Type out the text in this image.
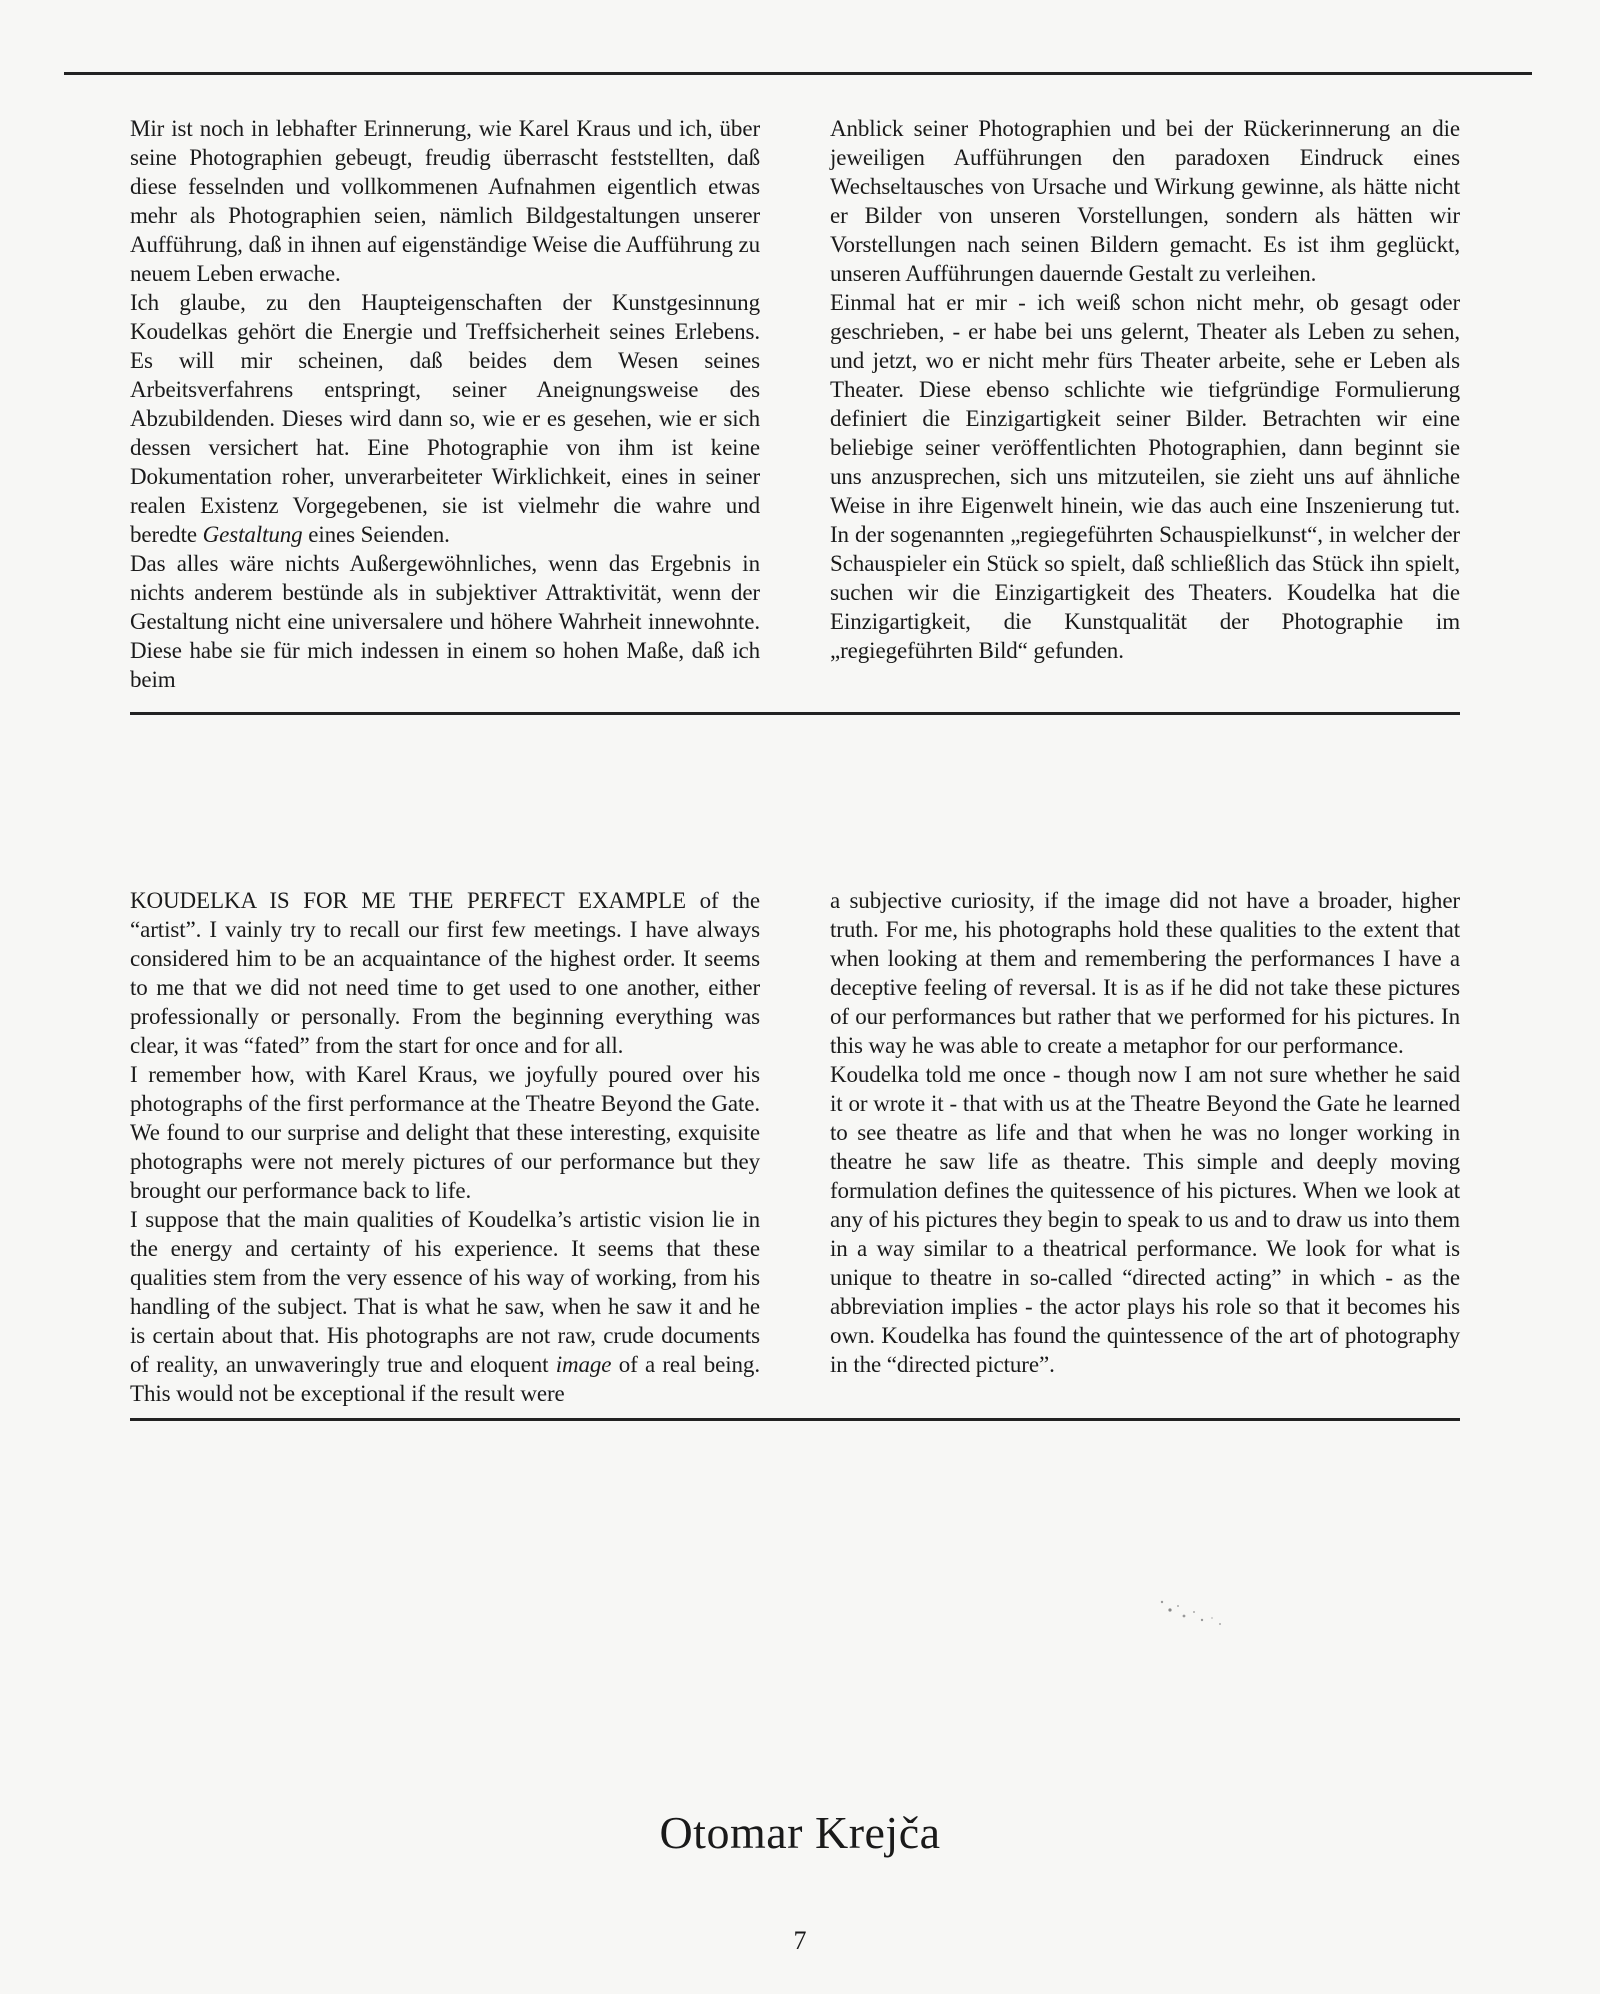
Mir ist noch in lebhafter Erinnerung, wie Karel Kraus und ich, über seine Photographien gebeugt, freudig überrascht feststellten, daß diese fesselnden und vollkommenen Aufnahmen eigentlich etwas mehr als Photographien seien, nämlich Bildgestaltungen unserer Aufführung, daß in ihnen auf eigenständige Weise die Aufführung zu neuem Leben erwache.

Ich glaube, zu den Haupteigenschaften der Kunstgesinnung Koudelkas gehört die Energie und Treffsicherheit seines Erlebens. Es will mir scheinen, daß beides dem Wesen seines Arbeitsverfahrens entspringt, seiner Aneignungsweise des Abzubildenden. Dieses wird dann so, wie er es gesehen, wie er sich dessen versichert hat. Eine Photographie von ihm ist keine Dokumentation roher, unverarbeiteter Wirklichkeit, eines in seiner realen Existenz Vorgegebenen, sie ist vielmehr die wahre und beredte Gestaltung eines Seienden.

Das alles wäre nichts Außergewöhnliches, wenn das Ergebnis in nichts anderem bestünde als in subjektiver Attraktivität, wenn der Gestaltung nicht eine universalere und höhere Wahrheit innewohnte. Diese habe sie für mich indessen in einem so hohen Maße, daß ich beim

Anblick seiner Photographien und bei der Rückerinnerung an die jeweiligen Aufführungen den paradoxen Eindruck eines Wechseltausches von Ursache und Wirkung gewinne, als hätte nicht er Bilder von unseren Vorstellungen, sondern als hätten wir Vorstellungen nach seinen Bildern gemacht. Es ist ihm geglückt, unseren Aufführungen dauernde Gestalt zu verleihen.

Einmal hat er mir - ich weiß schon nicht mehr, ob gesagt oder geschrieben, - er habe bei uns gelernt, Theater als Leben zu sehen, und jetzt, wo er nicht mehr fürs Theater arbeite, sehe er Leben als Theater. Diese ebenso schlichte wie tiefgründige Formulierung definiert die Einzigartigkeit seiner Bilder. Betrachten wir eine beliebige seiner veröffentlichten Photographien, dann beginnt sie uns anzusprechen, sich uns mitzuteilen, sie zieht uns auf ähnliche Weise in ihre Eigenwelt hinein, wie das auch eine Inszenierung tut. In der sogenannten „regiegeführten Schauspielkunst“, in welcher der Schauspieler ein Stück so spielt, daß schließlich das Stück ihn spielt, suchen wir die Einzigartigkeit des Theaters. Koudelka hat die Einzigartigkeit, die Kunstqualität der Photographie im „regiegeführten Bild“ gefunden.

KOUDELKA IS FOR ME THE PERFECT EXAMPLE of the “artist”. I vainly try to recall our first few meetings. I have always considered him to be an acquaintance of the highest order. It seems to me that we did not need time to get used to one another, either professionally or personally. From the beginning everything was clear, it was “fated” from the start for once and for all.

I remember how, with Karel Kraus, we joyfully poured over his photographs of the first performance at the Theatre Beyond the Gate. We found to our surprise and delight that these interesting, exquisite photographs were not merely pictures of our performance but they brought our performance back to life.

I suppose that the main qualities of Koudelka’s artistic vision lie in the energy and certainty of his experience. It seems that these qualities stem from the very essence of his way of working, from his handling of the subject. That is what he saw, when he saw it and he is certain about that. His photographs are not raw, crude documents of reality, an unwaveringly true and eloquent image of a real being. This would not be exceptional if the result were

a subjective curiosity, if the image did not have a broader, higher truth. For me, his photographs hold these qualities to the extent that when looking at them and remembering the performances I have a deceptive feeling of reversal. It is as if he did not take these pictures of our performances but rather that we performed for his pictures. In this way he was able to create a metaphor for our performance.

Koudelka told me once - though now I am not sure whether he said it or wrote it - that with us at the Theatre Beyond the Gate he learned to see theatre as life and that when he was no longer working in theatre he saw life as theatre. This simple and deeply moving formulation defines the quitessence of his pictures. When we look at any of his pictures they begin to speak to us and to draw us into them in a way similar to a theatrical performance. We look for what is unique to theatre in so-called “directed acting” in which - as the abbreviation implies - the actor plays his role so that it becomes his own. Koudelka has found the quintessence of the art of photography in the “directed picture”.

Otomar Krejča
7
